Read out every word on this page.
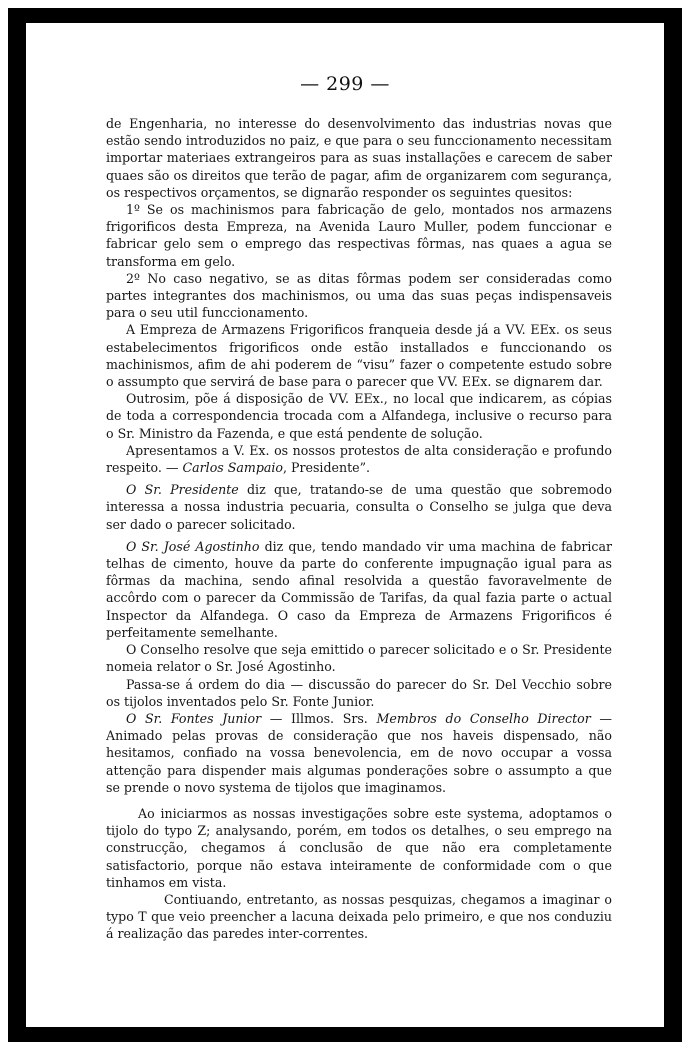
— 299 —

de Engenharia, no interesse do desenvolvimento das industrias novas que estão sendo introduzidos no paiz, e que para o seu funccionamento necessitam importar materiaes extrangeiros para as suas installações e carecem de saber quaes são os direitos que terão de pagar, afim de organizarem com segurança, os respectivos orçamentos, se dignarão responder os seguintes quesitos:

1º Se os machinismos para fabricação de gelo, montados nos armazens frigorificos desta Empreza, na Avenida Lauro Muller, podem funccionar e fabricar gelo sem o emprego das respectivas fôrmas, nas quaes a agua se transforma em gelo.

2º No caso negativo, se as ditas fôrmas podem ser consideradas como partes integrantes dos machinismos, ou uma das suas peças indispensaveis para o seu util funccionamento.

A Empreza de Armazens Frigorificos franqueia desde já a VV. EEx. os seus estabelecimentos frigorificos onde estão installados e funccionando os machinismos, afim de ahi poderem de “visu” fazer o competente estudo sobre o assumpto que servirá de base para o parecer que VV. EEx. se dignarem dar.

Outrosim, põe á disposição de VV. EEx., no local que indicarem, as cópias de toda a correspondencia trocada com a Alfandega, inclusive o recurso para o Sr. Ministro da Fazenda, e que está pendente de solução.

Apresentamos a V. Ex. os nossos protestos de alta consideração e profundo respeito. — Carlos Sampaio, Presidente”.

O Sr. Presidente diz que, tratando-se de uma questão que sobremodo interessa a nossa industria pecuaria, consulta o Conselho se julga que deva ser dado o parecer solicitado.

O Sr. José Agostinho diz que, tendo mandado vir uma machina de fabricar telhas de cimento, houve da parte do conferente impugnação igual para as fôrmas da machina, sendo afinal resolvida a questão favoravelmente de accôrdo com o parecer da Commissão de Tarifas, da qual fazia parte o actual Inspector da Alfandega. O caso da Empreza de Armazens Frigorificos é perfeitamente semelhante.

O Conselho resolve que seja emittido o parecer solicitado e o Sr. Presidente nomeia relator o Sr. José Agostinho.

Passa-se á ordem do dia — discussão do parecer do Sr. Del Vecchio sobre os tijolos inventados pelo Sr. Fonte Junior.

O Sr. Fontes Junior — Illmos. Srs. Membros do Conselho Director — Animado pelas provas de consideração que nos haveis dispensado, não hesitamos, confiado na vossa benevolencia, em de novo occupar a vossa attenção para dispender mais algumas ponderações sobre o assumpto a que se prende o novo systema de tijolos que imaginamos.

Ao iniciarmos as nossas investigações sobre este systema, adoptamos o tijolo do typo Z; analysando, porém, em todos os detalhes, o seu emprego na construcção, chegamos á conclusão de que não era completamente satisfactorio, porque não estava inteiramente de conformidade com o que tinhamos em vista.

Contiuando, entretanto, as nossas pesquizas, chegamos a imaginar o typo T que veio preencher a lacuna deixada pelo primeiro, e que nos conduziu á realização das paredes inter-correntes.
